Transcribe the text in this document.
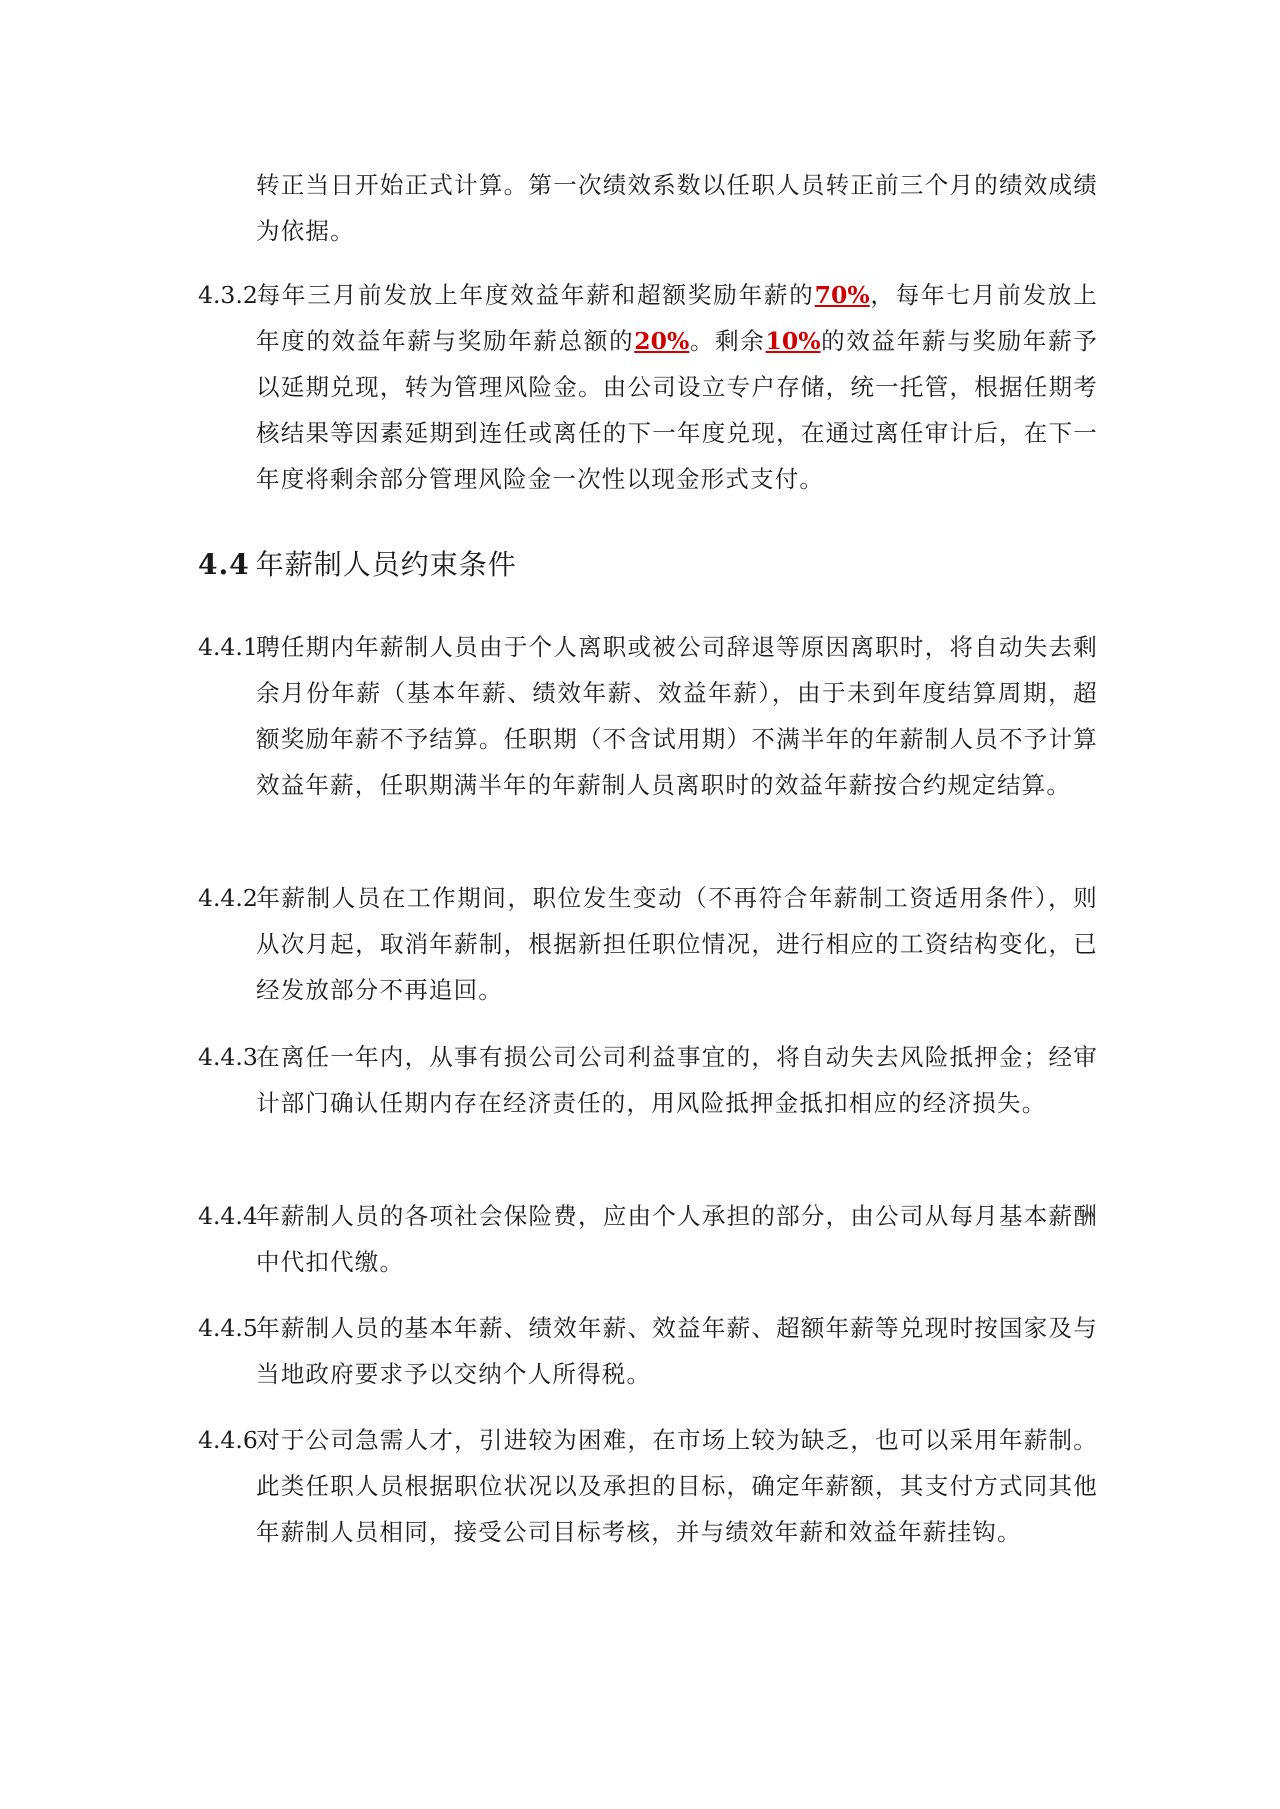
转正当日开始正式计算。第一次绩效系数以任职人员转正前三个月的绩效成绩为依据。
4.3.2每年三月前发放上年度效益年薪和超额奖励年薪的70%，每年七月前发放上年度的效益年薪与奖励年薪总额的20%。剩余10%的效益年薪与奖励年薪予以延期兑现，转为管理风险金。由公司设立专户存储，统一托管，根据任期考核结果等因素延期到连任或离任的下一年度兑现，在通过离任审计后，在下一年度将剩余部分管理风险金一次性以现金形式支付。
4.4 年薪制人员约束条件
4.4.1聘任期内年薪制人员由于个人离职或被公司辞退等原因离职时，将自动失去剩余月份年薪（基本年薪、绩效年薪、效益年薪），由于未到年度结算周期，超额奖励年薪不予结算。任职期（不含试用期）不满半年的年薪制人员不予计算效益年薪，任职期满半年的年薪制人员离职时的效益年薪按合约规定结算。
4.4.2年薪制人员在工作期间，职位发生变动（不再符合年薪制工资适用条件），则从次月起，取消年薪制，根据新担任职位情况，进行相应的工资结构变化，已经发放部分不再追回。
4.4.3在离任一年内，从事有损公司公司利益事宜的，将自动失去风险抵押金；经审计部门确认任期内存在经济责任的，用风险抵押金抵扣相应的经济损失。
4.4.4年薪制人员的各项社会保险费，应由个人承担的部分，由公司从每月基本薪酬中代扣代缴。
4.4.5年薪制人员的基本年薪、绩效年薪、效益年薪、超额年薪等兑现时按国家及与当地政府要求予以交纳个人所得税。
4.4.6对于公司急需人才，引进较为困难，在市场上较为缺乏，也可以采用年薪制。此类任职人员根据职位状况以及承担的目标，确定年薪额，其支付方式同其他年薪制人员相同，接受公司目标考核，并与绩效年薪和效益年薪挂钩。
